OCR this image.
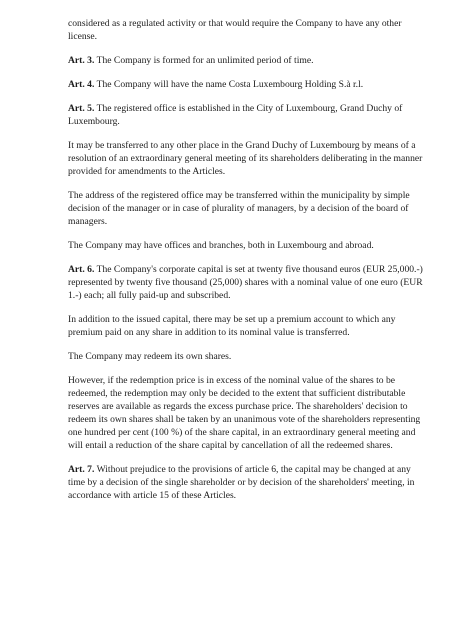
considered as a regulated activity or that would require the Company to have any other license.

Art. 3. The Company is formed for an unlimited period of time.

Art. 4. The Company will have the name Costa Luxembourg Holding S.à r.l.

Art. 5. The registered office is established in the City of Luxembourg, Grand Duchy of Luxembourg.

It may be transferred to any other place in the Grand Duchy of Luxembourg by means of a resolution of an extraordinary general meeting of its shareholders deliberating in the manner provided for amendments to the Articles.

The address of the registered office may be transferred within the municipality by simple decision of the manager or in case of plurality of managers, by a decision of the board of managers.

The Company may have offices and branches, both in Luxembourg and abroad.

Art. 6. The Company's corporate capital is set at twenty five thousand euros (EUR 25,000.-) represented by twenty five thousand (25,000) shares with a nominal value of one euro (EUR 1.-) each; all fully paid-up and subscribed.

In addition to the issued capital, there may be set up a premium account to which any premium paid on any share in addition to its nominal value is transferred.

The Company may redeem its own shares.

However, if the redemption price is in excess of the nominal value of the shares to be redeemed, the redemption may only be decided to the extent that sufficient distributable reserves are available as regards the excess purchase price. The shareholders' decision to redeem its own shares shall be taken by an unanimous vote of the shareholders representing one hundred per cent (100 %) of the share capital, in an extraordinary general meeting and will entail a reduction of the share capital by cancellation of all the redeemed shares.

Art. 7. Without prejudice to the provisions of article 6, the capital may be changed at any time by a decision of the single shareholder or by decision of the shareholders' meeting, in accordance with article 15 of these Articles.
